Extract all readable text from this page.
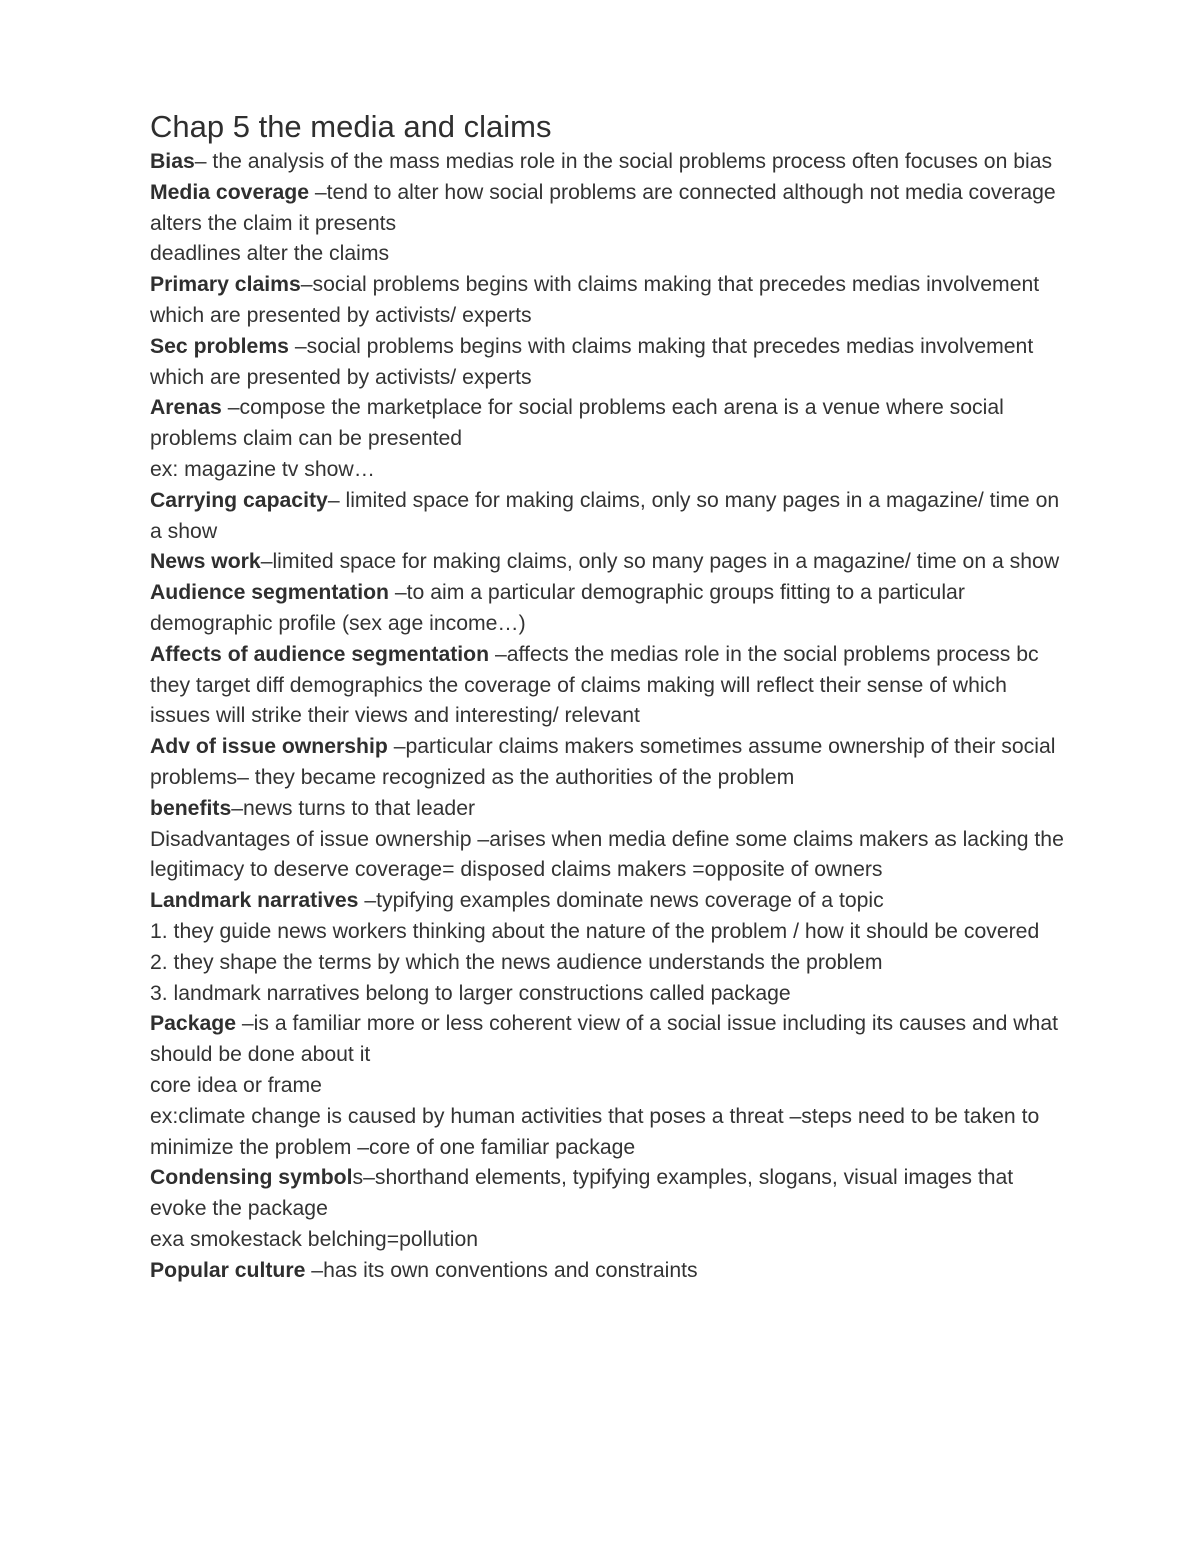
Chap 5 the media and claims

Bias– the analysis of the mass medias role in the social problems process often focuses on bias

Media coverage –tend to alter how social problems are connected although not media coverage alters the claim it presents

deadlines alter the claims

Primary claims–social problems begins with claims making that precedes medias involvement which are presented by activists/ experts

Sec problems –social problems begins with claims making that precedes medias involvement which are presented by activists/ experts

Arenas –compose the marketplace for social problems each arena is a venue where social problems claim can be presented

ex: magazine tv show…

Carrying capacity– limited space for making claims, only so many pages in a magazine/ time on a show

News work–limited space for making claims, only so many pages in a magazine/ time on a show

Audience segmentation –to aim a particular demographic groups fitting to a particular demographic profile (sex age income…)

Affects of audience segmentation –affects the medias role in the social problems process bc they target diff demographics the coverage of claims making will reflect their sense of which issues will strike their views and interesting/ relevant

Adv of issue ownership –particular claims makers sometimes assume ownership of their social problems– they became recognized as the authorities of the problem

benefits–news turns to that leader

Disadvantages of issue ownership –arises when media define some claims makers as lacking the legitimacy to deserve coverage= disposed claims makers =opposite of owners

Landmark narratives –typifying examples dominate news coverage of a topic

1. they guide news workers thinking about the nature of the problem / how it should be covered

2. they shape the terms by which the news audience understands the problem

3. landmark narratives belong to larger constructions called package

Package –is a familiar more or less coherent view of a social issue including its causes and what should be done about it

core idea or frame

ex:climate change is caused by human activities that poses a threat –steps need to be taken to minimize the problem –core of one familiar package

Condensing symbols–shorthand elements, typifying examples, slogans, visual images that evoke the package

exa smokestack belching=pollution

Popular culture –has its own conventions and constraints
